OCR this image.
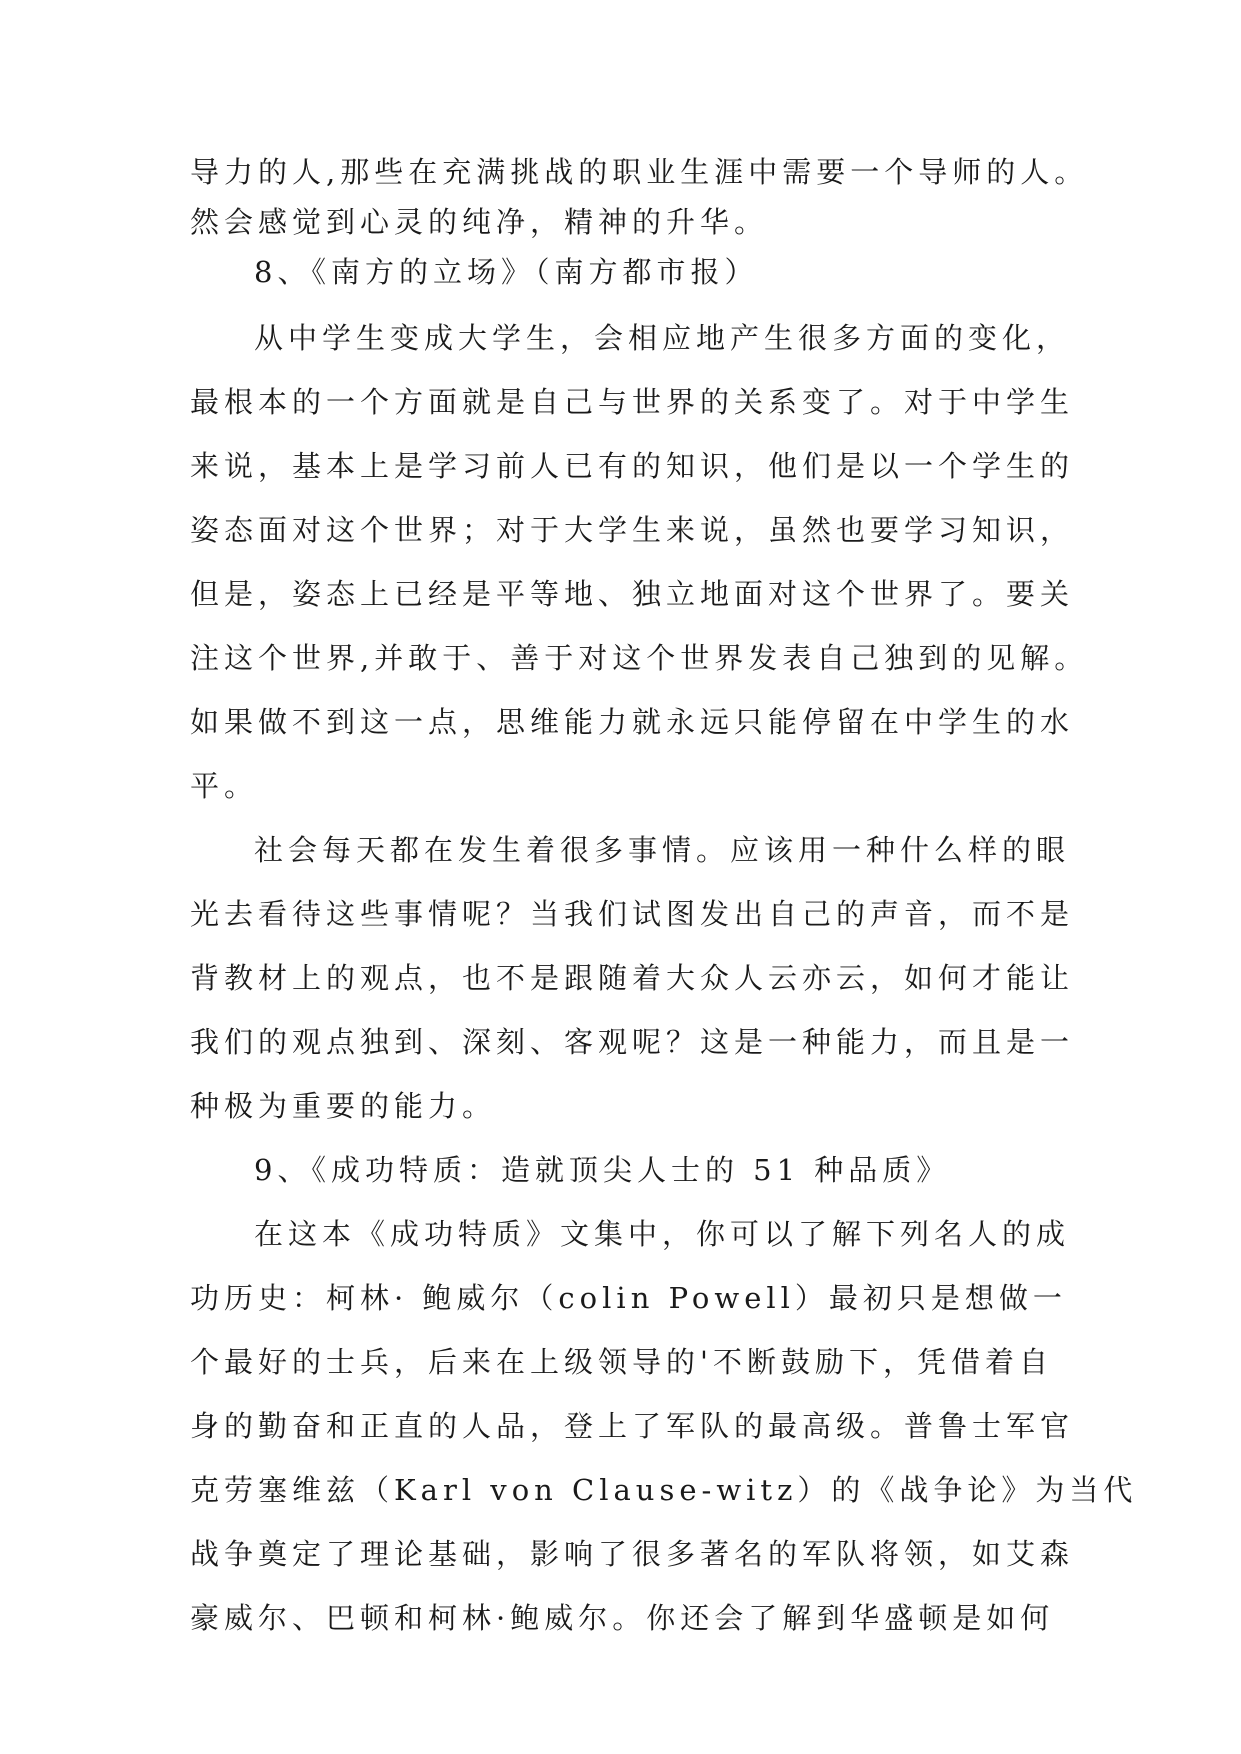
导力的人,那些在充满挑战的职业生涯中需要一个导师的人。
然会感觉到心灵的纯净，精神的升华。
8、《南方的立场》（南方都市报）
从中学生变成大学生，会相应地产生很多方面的变化，
最根本的一个方面就是自己与世界的关系变了。对于中学生
来说，基本上是学习前人已有的知识，他们是以一个学生的
姿态面对这个世界；对于大学生来说，虽然也要学习知识，
但是，姿态上已经是平等地、独立地面对这个世界了。要关
注这个世界,并敢于、善于对这个世界发表自己独到的见解。
如果做不到这一点，思维能力就永远只能停留在中学生的水
平。
社会每天都在发生着很多事情。应该用一种什么样的眼
光去看待这些事情呢？当我们试图发出自己的声音，而不是
背教材上的观点，也不是跟随着大众人云亦云，如何才能让
我们的观点独到、深刻、客观呢？这是一种能力，而且是一
种极为重要的能力。
9、《成功特质：造就顶尖人士的 51 种品质》
在这本《成功特质》文集中，你可以了解下列名人的成
功历史：柯林· 鲍威尔（colin Powell）最初只是想做一
个最好的士兵，后来在上级领导的'不断鼓励下，凭借着自
身的勤奋和正直的人品，登上了军队的最高级。普鲁士军官
克劳塞维兹（Karl von Clause-witz）的《战争论》为当代
战争奠定了理论基础，影响了很多著名的军队将领，如艾森
豪威尔、巴顿和柯林·鲍威尔。你还会了解到华盛顿是如何
